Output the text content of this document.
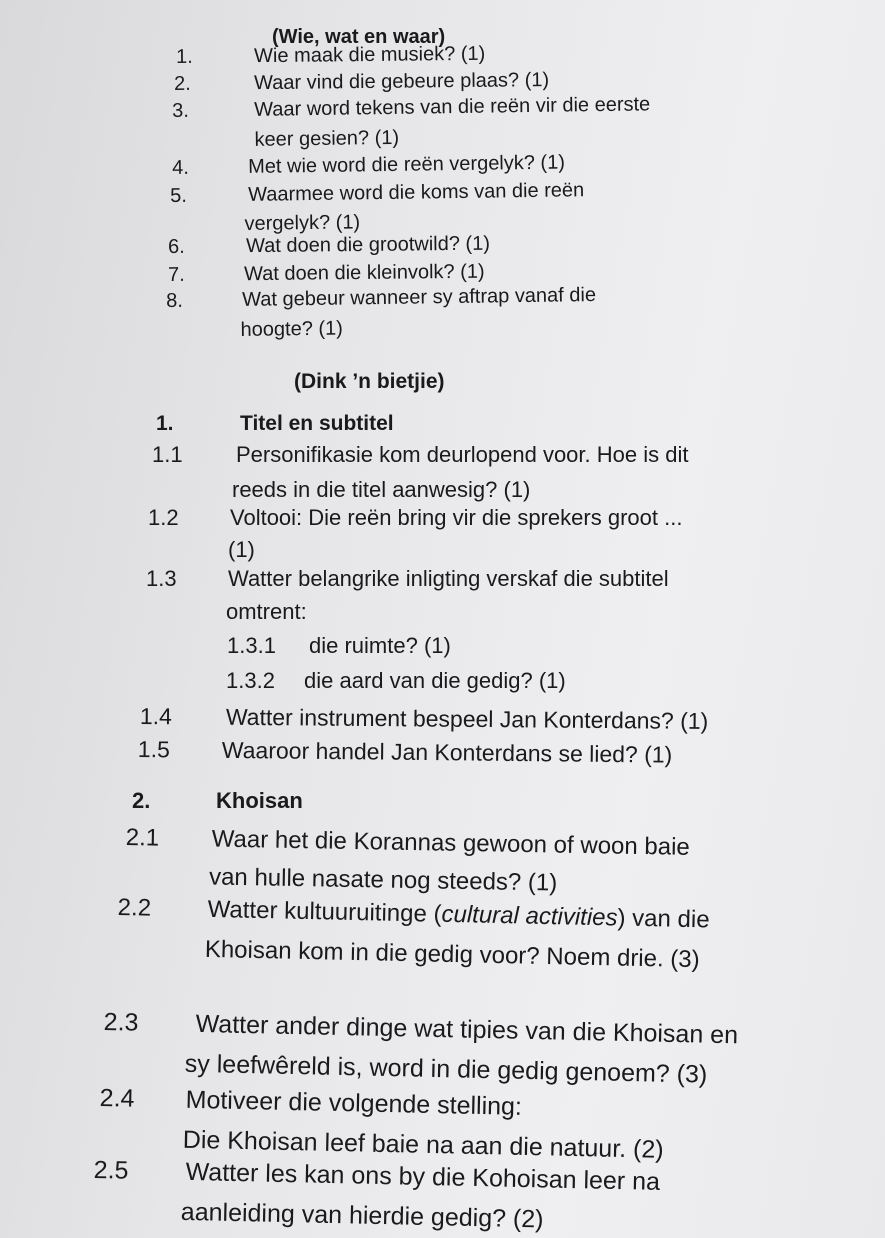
(Wie, wat en waar)
1.	Wie maak die musiek? (1)
2.	Waar vind die gebeure plaas? (1)
3.	Waar word tekens van die reën vir die eerste
keer gesien? (1)
4.	Met wie word die reën vergelyk? (1)
5.	Waarmee word die koms van die reën
vergelyk? (1)
6.	Wat doen die grootwild? (1)
7.	Wat doen die kleinvolk? (1)
8.	Wat gebeur wanneer sy aftrap vanaf die
hoogte? (1)
(Dink ’n bietjie)
1.	Titel en subtitel
1.1 Personifikasie kom deurlopend voor. Hoe is dit
reeds in die titel aanwesig? (1)
1.2 Voltooi: Die reën bring vir die sprekers groot ...
(1)
1.3 Watter belangrike inligting verskaf die subtitel
omtrent:
1.3.1 die ruimte? (1)
1.3.2 die aard van die gedig? (1)
1.4 Watter instrument bespeel Jan Konterdans? (1)
1.5 Waaroor handel Jan Konterdans se lied? (1)
2.	Khoisan
2.1 Waar het die Korannas gewoon of woon baie
van hulle nasate nog steeds? (1)
2.2 Watter kultuuruitinge (cultural activities) van die
Khoisan kom in die gedig voor? Noem drie. (3)
2.3 Watter ander dinge wat tipies van die Khoisan en
sy leefwêreld is, word in die gedig genoem? (3)
2.4 Motiveer die volgende stelling:
Die Khoisan leef baie na aan die natuur. (2)
2.5 Watter les kan ons by die Kohoisan leer na
aanleiding van hierdie gedig? (2)
